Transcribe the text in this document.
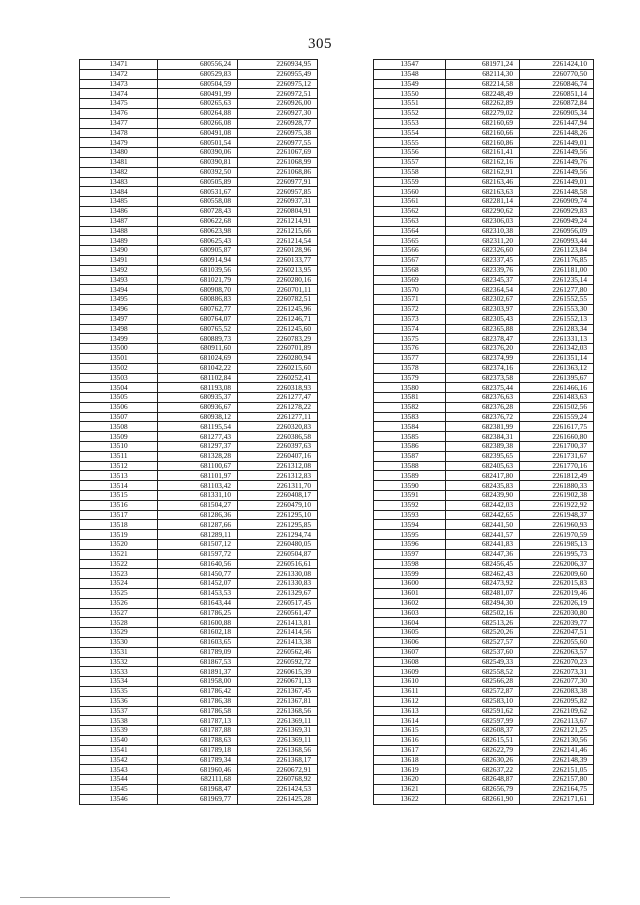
305
13471	680556,24	2260934,95
13472	680529,83	2260955,49
13473	680504,59	2260975,12
13474	680491,99	2260972,51
13475	680265,63	2260926,00
13476	680264,88	2260927,30
13477	680266,08	2260928,77
13478	680491,08	2260975,38
13479	680501,54	2260977,55
13480	680390,06	2261067,69
13481	680390,81	2261068,99
13482	680392,50	2261068,86
13483	680505,89	2260977,91
13484	680531,67	2260957,85
13485	680558,08	2260937,31
13486	680728,43	2260804,91
13487	680622,68	2261214,91
13488	680623,98	2261215,66
13489	680625,43	2261214,54
13490	680905,87	2260128,96
13491	680914,94	2260133,77
13492	681039,56	2260213,95
13493	681021,79	2260280,16
13494	680908,70	2260701,11
13495	680886,83	2260782,51
13496	680762,77	2261245,96
13497	680764,07	2261246,71
13498	680765,52	2261245,60
13499	680889,73	2260783,29
13500	680911,60	2260701,89
13501	681024,69	2260280,94
13502	681042,22	2260215,60
13503	681102,84	2260252,41
13504	681193,08	2260318,93
13505	680935,37	2261277,47
13506	680936,67	2261278,22
13507	680938,12	2261277,11
13508	681195,54	2260320,83
13509	681277,43	2260386,58
13510	681297,37	2260397,63
13511	681328,28	2260407,16
13512	681100,67	2261312,08
13513	681101,97	2261312,83
13514	681103,42	2261311,70
13515	681331,10	2260408,17
13516	681504,27	2260479,10
13517	681286,36	2261295,10
13518	681287,66	2261295,85
13519	681289,11	2261294,74
13520	681507,12	2260480,05
13521	681597,72	2260504,87
13522	681640,56	2260516,61
13523	681450,77	2261330,08
13524	681452,07	2261330,83
13525	681453,53	2261329,67
13526	681643,44	2260517,45
13527	681786,25	2260561,47
13528	681600,88	2261413,81
13529	681602,18	2261414,56
13530	681603,65	2261413,38
13531	681789,09	2260562,46
13532	681867,53	2260592,72
13533	681891,37	2260615,39
13534	681958,00	2260671,13
13535	681786,42	2261367,45
13536	681786,38	2261367,81
13537	681786,58	2261368,56
13538	681787,13	2261369,11
13539	681787,88	2261369,31
13540	681788,63	2261369,11
13541	681789,18	2261368,56
13542	681789,34	2261368,17
13543	681960,46	2260672,91
13544	682111,68	2260768,92
13545	681968,47	2261424,53
13546	681969,77	2261425,28
13547	681971,24	2261424,10
13548	682114,30	2260770,50
13549	682214,58	2260846,74
13550	682248,49	2260851,14
13551	682262,89	2260872,84
13552	682279,02	2260905,34
13553	682160,69	2261447,94
13554	682160,66	2261448,26
13555	682160,86	2261449,01
13556	682161,41	2261449,56
13557	682162,16	2261449,76
13558	682162,91	2261449,56
13559	682163,46	2261449,01
13560	682163,63	2261448,58
13561	682281,14	2260909,74
13562	682290,62	2260929,83
13563	682306,03	2260949,24
13564	682310,38	2260956,09
13565	682311,20	2260993,44
13566	682326,60	2261123,84
13567	682337,45	2261176,85
13568	682339,76	2261181,00
13569	682345,37	2261235,14
13570	682364,54	2261277,80
13571	682302,67	2261552,55
13572	682303,97	2261553,30
13573	682305,43	2261552,13
13574	682365,88	2261283,34
13575	682378,47	2261331,13
13576	682376,20	2261342,03
13577	682374,99	2261351,14
13578	682374,16	2261363,12
13579	682373,58	2261395,67
13580	682375,44	2261466,16
13581	682376,63	2261483,63
13582	682376,28	2261502,56
13583	682376,72	2261559,24
13584	682381,99	2261617,75
13585	682384,31	2261660,80
13586	682389,38	2261700,37
13587	682395,65	2261731,67
13588	682405,63	2261770,16
13589	682417,80	2261812,49
13590	682435,83	2261880,33
13591	682439,90	2261902,38
13592	682442,03	2261922,92
13593	682442,65	2261948,37
13594	682441,50	2261960,93
13595	682441,57	2261970,59
13596	682441,83	2261985,13
13597	682447,36	2261995,73
13598	682456,45	2262006,37
13599	682462,43	2262009,60
13600	682473,92	2262015,83
13601	682481,07	2262019,46
13602	682494,30	2262026,19
13603	682502,16	2262030,80
13604	682513,26	2262039,77
13605	682520,26	2262047,51
13606	682527,57	2262055,60
13607	682537,60	2262063,57
13608	682549,33	2262070,23
13609	682558,52	2262073,31
13610	682566,28	2262077,30
13611	682572,87	2262083,38
13612	682583,10	2262095,82
13613	682591,62	2262109,62
13614	682597,99	2262113,67
13615	682608,37	2262121,25
13616	682615,51	2262130,56
13617	682622,79	2262141,46
13618	682630,26	2262148,39
13619	682637,22	2262151,05
13620	682648,87	2262157,80
13621	682656,79	2262164,75
13622	682661,90	2262171,61
